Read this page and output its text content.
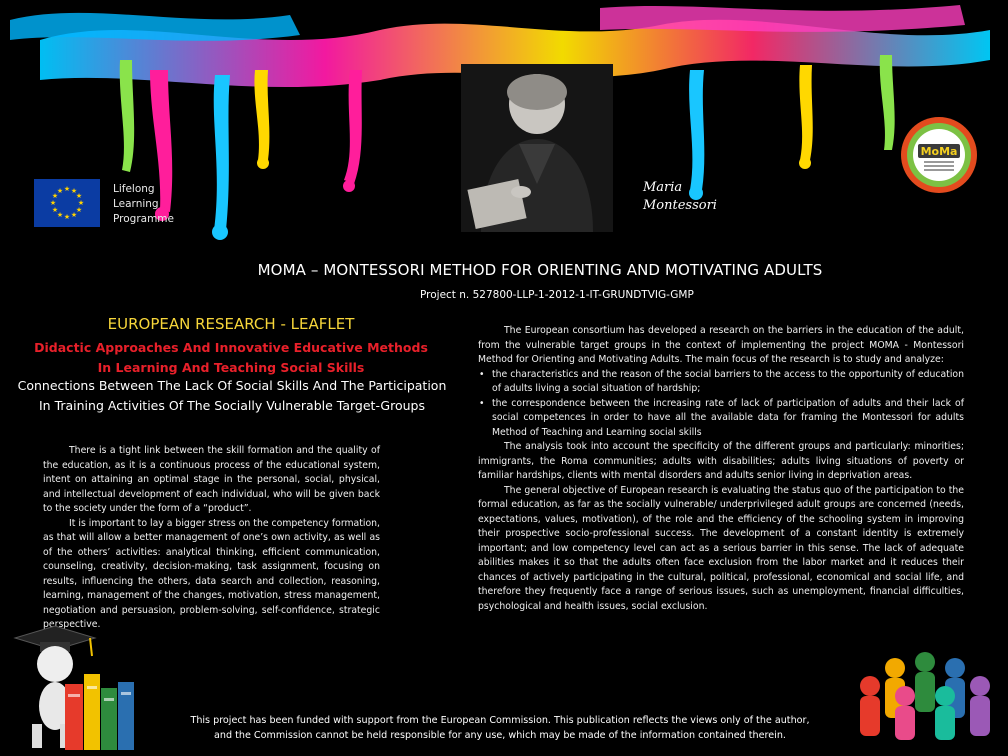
★ ★
★
★
★
★
★
★
★
★
★
★	Lifelong
Learning
Programme
Maria
Montessori
MoMa
MOMA – MONTESSORI METHOD FOR ORIENTING AND MOTIVATING ADULTS
Project n. 527800-LLP-1-2012-1-IT-GRUNDTVIG-GMP
EUROPEAN RESEARCH - LEAFLET
Didactic Approaches And Innovative Educative Methods
In Learning And Teaching Social Skills
Connections Between The Lack Of Social Skills And The Participation
In Training Activities Of The Socially Vulnerable Target-Groups
There is a tight link between the skill formation and the quality of the education, as it is a continuous process of the educational system, intent on attaining an optimal stage in the personal, social, physical, and intellectual development of each individual, who will be given back to the society under the form of a “product”.
It is important to lay a bigger stress on the competency formation, as that will allow a better management of one’s own activity, as well as of the others’ activities: analytical thinking, efficient communication, counseling, creativity, decision-making, task assignment, focusing on results, influencing the others, data search and collection, reasoning, learning, management of the changes, motivation, stress management, negotiation and persuasion, problem-solving, self-confidence, strategic perspective.
The European consortium has developed a research on the barriers in the education of the adult, from the vulnerable target groups in the context of implementing the project MOMA - Montessori Method for Orienting and Motivating Adults. The main focus of the research is to study and analyze:
• the characteristics and the reason of the social barriers to the access to the opportunity of education of adults living a social situation of hardship;
• the correspondence between the increasing rate of lack of participation of adults and their lack of social competences in order to have all the available data for framing the Montessori for adults Method of Teaching and Learning social skills
The analysis took into account the specificity of the different groups and particularly: minorities; immigrants, the Roma communities; adults with disabilities; adults living situations of poverty or familiar hardships, clients with mental disorders and adults senior living in deprivation areas.
The general objective of European research is evaluating the status quo of the participation to the formal education, as far as the socially vulnerable/ underprivileged adult groups are concerned (needs, expectations, values, motivation), of the role and the efficiency of the schooling system in improving their prospective socio-professional success. The development of a constant identity is extremely important; and low competency level can act as a serious barrier in this sense. The lack of adequate abilities makes it so that the adults often face exclusion from the labor market and it reduces their chances of actively participating in the cultural, political, professional, economical and social life, and therefore they frequently face a range of serious issues, such as unemployment, financial difficulties, psychological and health issues, social exclusion.
This project has been funded with support from the European Commission. This publication reflects the views only of the author,
and the Commission cannot be held responsible for any use, which may be made of the information contained therein.
